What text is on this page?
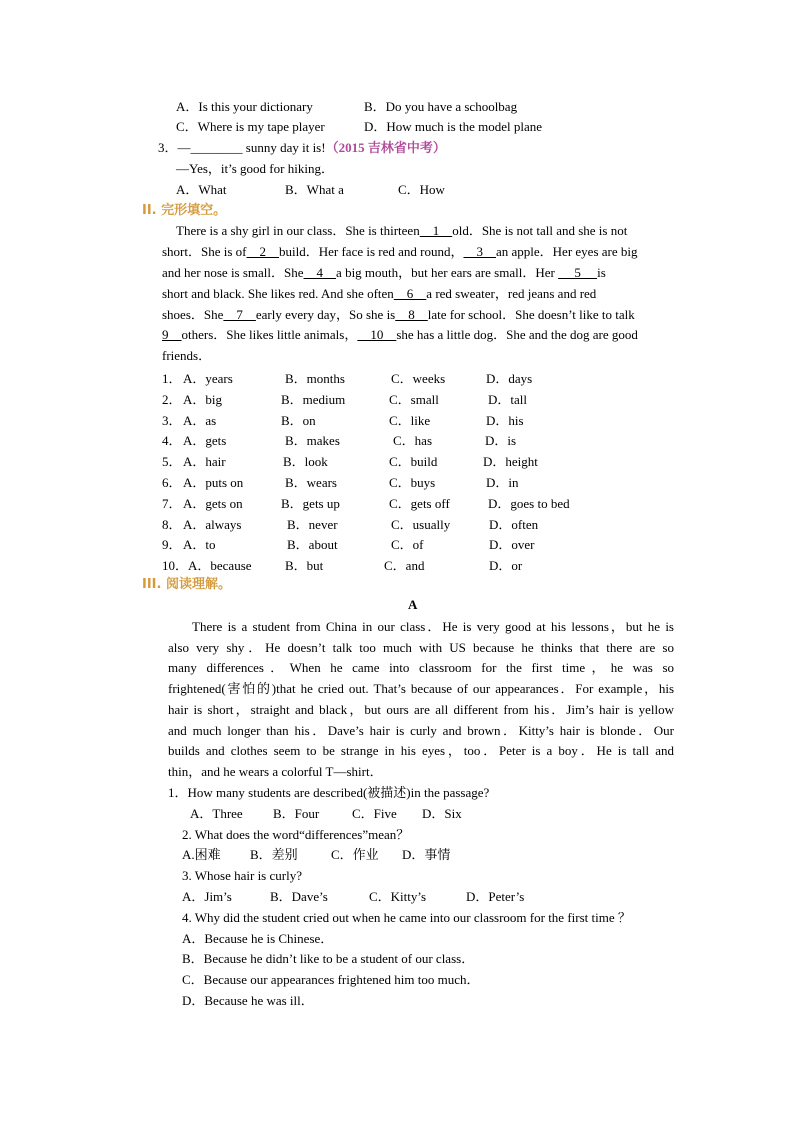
A．Is this your dictionary	B．Do you have a schoolbag
C．Where is my tape player	D．How much is the model plane
3．—________ sunny day it is!（2015 吉林省中考）
—Yes，it’s good for hiking．
A．What	B．What a	C．How
II. 完形填空。
There is a shy girl in our class．She is thirteen    1    old．She is not tall and she is not
short．She is of    2    build．Her face is red and round，    3    an apple．Her eyes are big
and her nose is small．She    4    a big mouth，but her ears are small．Her      5     is
short and black. She likes red. And she often    6    a red sweater，red jeans and red
shoes．She    7    early every day，So she is    8    late for school．She doesn’t like to talk
9    others．She likes little animals，    10    she has a little dog．She and the dog are good
friends．
1． A．years	B．months	C．weeks	D．days
2． A．big	B．medium	C．small	D．tall
3． A．as	B．on	C．like	D．his
4． A．gets	B．makes	C．has	D．is
5． A．hair	B．look	C．build	D．height
6． A．puts on	B．wears	C．buys	D．in
7． A．gets on	B．gets up	C．gets off	D．goes to bed
8． A．always	B．never	C．usually	D．often
9． A．to	B．about	C．of	D．over
10． A．because	B．but	C．and	D．or
III. 阅读理解。
A
There is a student from China in our class．He is very good at his lessons，but he is
also very shy．He doesn’t talk too much with US because he thinks that there are so
many differences．When he came into classroom for the first time，he was so
frightened(害怕的)that he cried out. That’s because of our appearances．For example，his
hair is short，straight and black，but ours are all different from his．Jim’s hair is yellow
and much longer than his．Dave’s hair is curly and brown．Kitty’s hair is blonde．Our
builds and clothes seem to be strange in his eyes，too．Peter is a boy．He is tall and
thin，and he wears a colorful T—shirt．
1．How many students are described(被描述)in the passage?
A．Three B．Four	C．Five D．Six
2. What does the word“differences”mean？
A.困难 B．差别	C．作业 D．事情
3. Whose hair is curly?
A．Jim’s	B．Dave’s	C．Kitty’s	D．Peter’s
4. Why did the student cried out when he came into our classroom for the first time ？
A．Because he is Chinese．
B．Because he didn’t like to be a student of our class．
C．Because our appearances frightened him too much．
D．Because he was ill．
